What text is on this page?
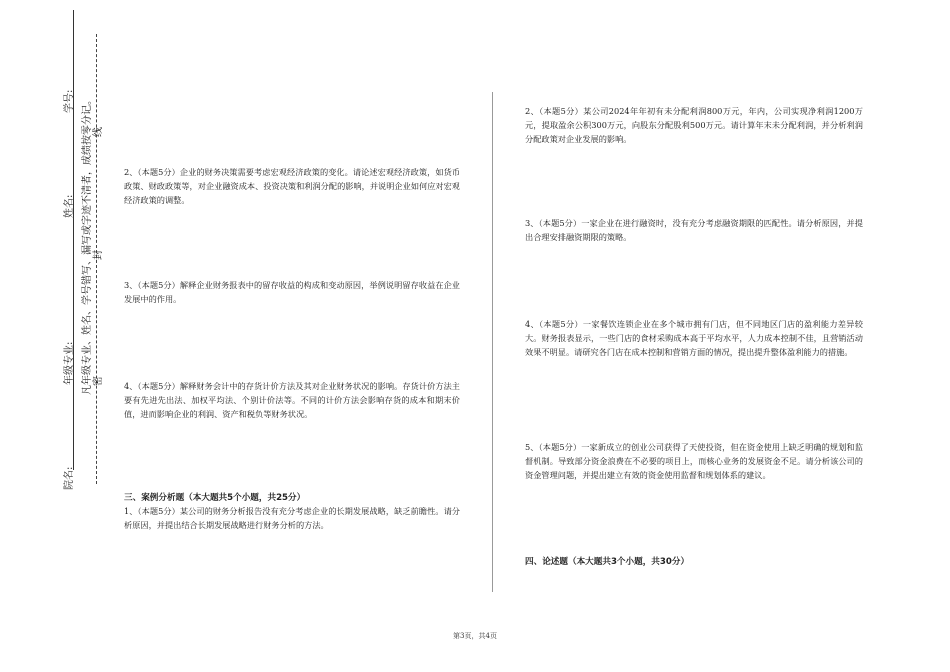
学号:
姓名:
年级专业:
院名:
凡年级专业、姓名、学号错写、漏写或字迹不清者，成绩按零分记。 封
线
密

2、（本题5分）企业的财务决策需要考虑宏观经济政策的变化。请论述宏观经济政策，如货币政策、财政政策等，对企业融资成本、投资决策和利润分配的影响，并说明企业如何应对宏观经济政策的调整。

3、（本题5分）解释企业财务报表中的留存收益的构成和变动原因，举例说明留存收益在企业发展中的作用。

4、（本题5分）解释财务会计中的存货计价方法及其对企业财务状况的影响。存货计价方法主要有先进先出法、加权平均法、个别计价法等。不同的计价方法会影响存货的成本和期末价值，进而影响企业的利润、资产和税负等财务状况。

三、案例分析题（本大题共5个小题，共25分）

1、（本题5分）某公司的财务分析报告没有充分考虑企业的长期发展战略，缺乏前瞻性。请分析原因，并提出结合长期发展战略进行财务分析的方法。

2、（本题5分）某公司2024年年初有未分配利润800万元，年内，公司实现净利润1200万元，提取盈余公积300万元，向股东分配股利500万元。请计算年末未分配利润，并分析利润分配政策对企业发展的影响。

3、（本题5分）一家企业在进行融资时，没有充分考虑融资期限的匹配性。请分析原因，并提出合理安排融资期限的策略。

4、（本题5分）一家餐饮连锁企业在多个城市拥有门店，但不同地区门店的盈利能力差异较大。财务报表显示，一些门店的食材采购成本高于平均水平，人力成本控制不佳，且营销活动效果不明显。请研究各门店在成本控制和营销方面的情况，提出提升整体盈利能力的措施。

5、（本题5分）一家新成立的创业公司获得了天使投资，但在资金使用上缺乏明确的规划和监督机制。导致部分资金浪费在不必要的项目上，而核心业务的发展资金不足。请分析该公司的资金管理问题，并提出建立有效的资金使用监督和规划体系的建议。

四、论述题（本大题共3个小题，共30分）
第3页，共4页
